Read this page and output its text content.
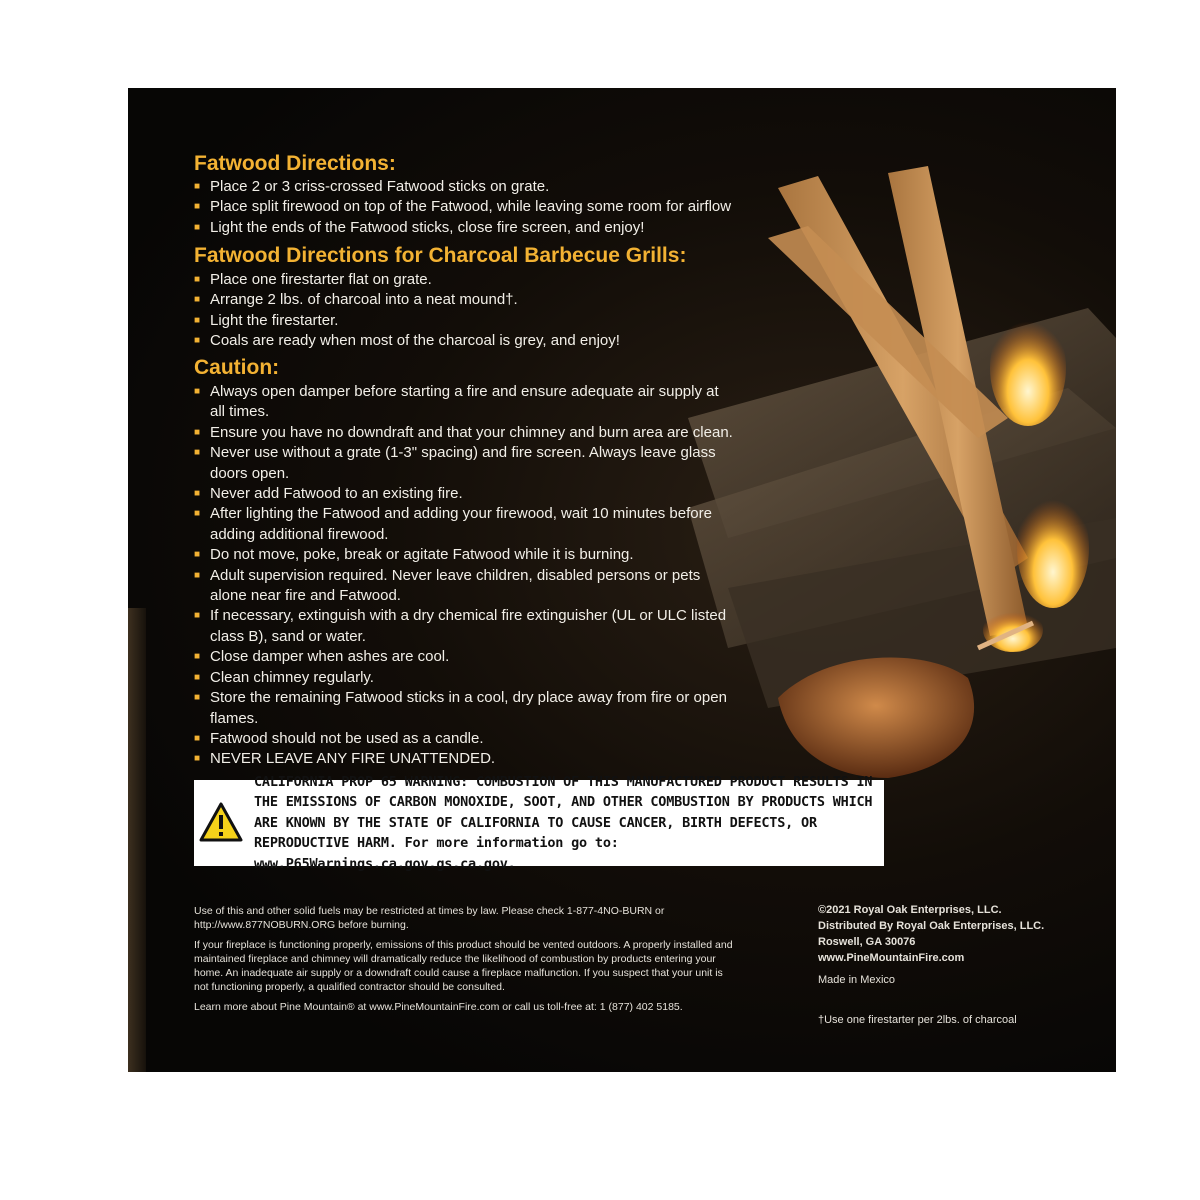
Fatwood Directions:
■ Place 2 or 3 criss-crossed Fatwood sticks on grate.
■ Place split firewood on top of the Fatwood, while leaving some room for airflow
■ Light the ends of the Fatwood sticks, close fire screen, and enjoy!
Fatwood Directions for Charcoal Barbecue Grills:
■ Place one firestarter flat on grate.
■ Arrange 2 lbs. of charcoal into a neat mound†.
■ Light the firestarter.
■ Coals are ready when most of the charcoal is grey, and enjoy!
Caution:
■ Always open damper before starting a fire and ensure adequate air supply at all times.
■ Ensure you have no downdraft and that your chimney and burn area are clean.
■ Never use without a grate (1-3" spacing) and fire screen. Always leave glass doors open.
■ Never add Fatwood to an existing fire.
■ After lighting the Fatwood and adding your firewood, wait 10 minutes before adding additional firewood.
■ Do not move, poke, break or agitate Fatwood while it is burning.
■ Adult supervision required. Never leave children, disabled persons or pets alone near fire and Fatwood.
■ If necessary, extinguish with a dry chemical fire extinguisher (UL or ULC listed class B), sand or water.
■ Close damper when ashes are cool.
■ Clean chimney regularly.
■ Store the remaining Fatwood sticks in a cool, dry place away from fire or open flames.
■ Fatwood should not be used as a candle.
■ NEVER LEAVE ANY FIRE UNATTENDED.
CALIFORNIA PROP 65 WARNING: COMBUSTION OF THIS MANUFACTURED PRODUCT RESULTS IN THE EMISSIONS OF CARBON MONOXIDE, SOOT, AND OTHER COMBUSTION BY PRODUCTS WHICH ARE KNOWN BY THE STATE OF CALIFORNIA TO CAUSE CANCER, BIRTH DEFECTS, OR REPRODUCTIVE HARM. For more information go to: www.P65Warnings.ca.gov.gs.ca.gov.

Use of this and other solid fuels may be restricted at times by law. Please check 1-877-4NO-BURN or http://www.877NOBURN.ORG before burning.

If your fireplace is functioning properly, emissions of this product should be vented outdoors. A properly installed and maintained fireplace and chimney will dramatically reduce the likelihood of combustion by products entering your home. An inadequate air supply or a downdraft could cause a fireplace malfunction. If you suspect that your unit is not functioning properly, a qualified contractor should be consulted.

Learn more about Pine Mountain® at www.PineMountainFire.com or call us toll-free at: 1 (877) 402 5185.

©2021 Royal Oak Enterprises, LLC.
Distributed By Royal Oak Enterprises, LLC.
Roswell, GA 30076
www.PineMountainFire.com
Made in Mexico
†Use one firestarter per 2lbs. of charcoal
